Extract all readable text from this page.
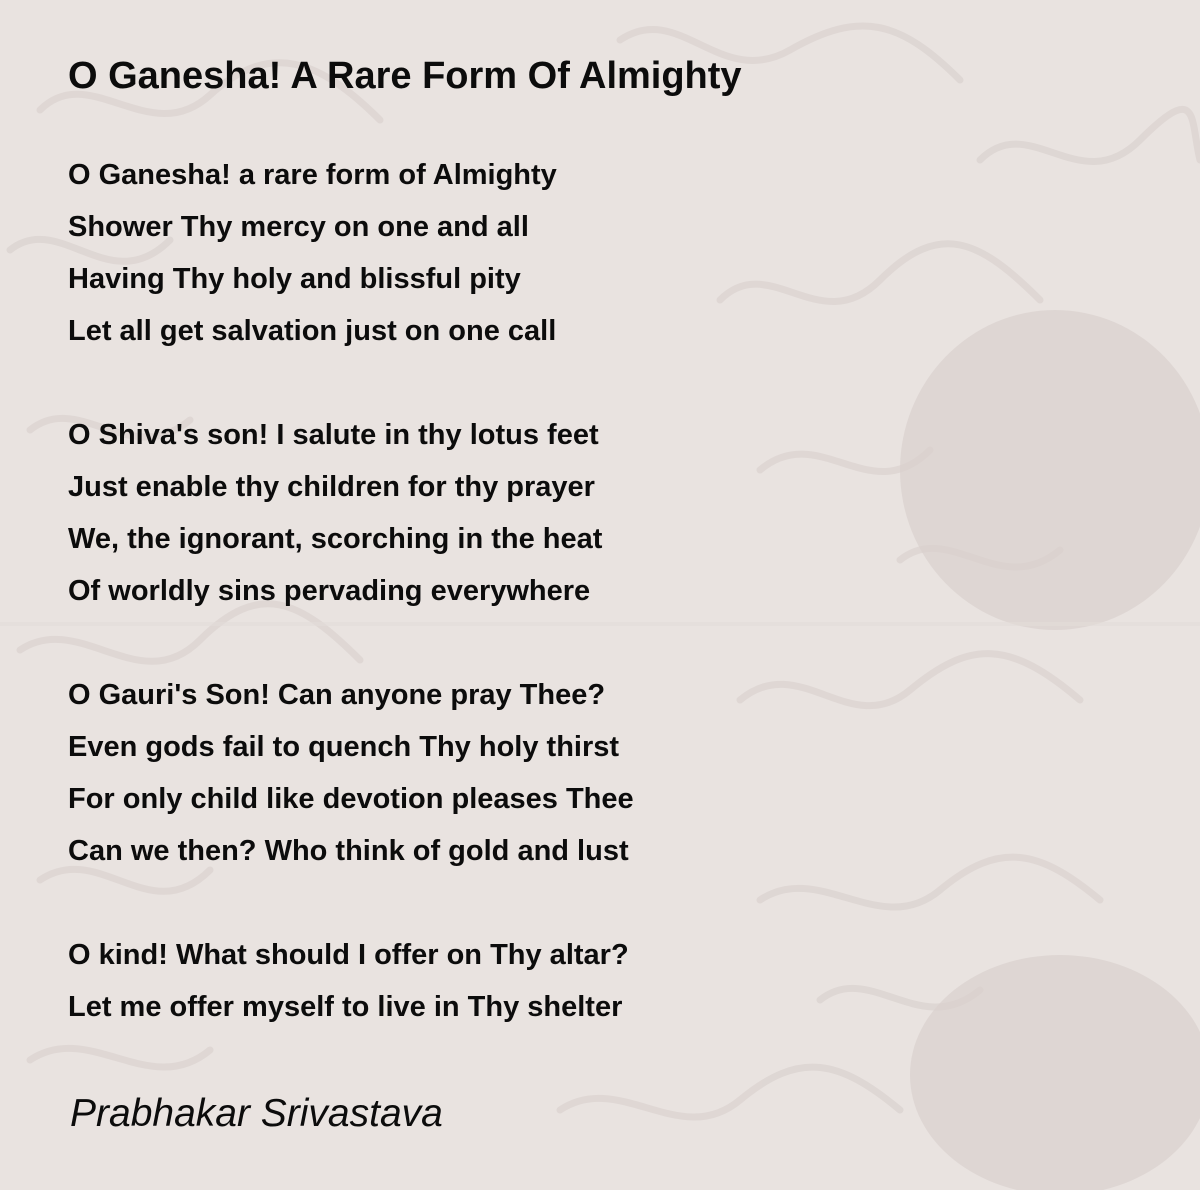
O Ganesha! A Rare Form Of Almighty
O Ganesha! a rare form of Almighty
Shower Thy mercy on one and all
Having Thy holy and blissful pity
Let all get salvation just on one call
O Shiva's son! I salute in thy lotus feet
Just enable thy children for thy prayer
We, the ignorant, scorching in the heat
Of worldly sins pervading everywhere
O Gauri's Son! Can anyone pray Thee?
Even gods fail to quench Thy holy thirst
For only child like devotion pleases Thee
Can we then? Who think of gold and lust
O kind! What should I offer on Thy altar?
Let me offer myself to live in Thy shelter

Prabhakar Srivastava
